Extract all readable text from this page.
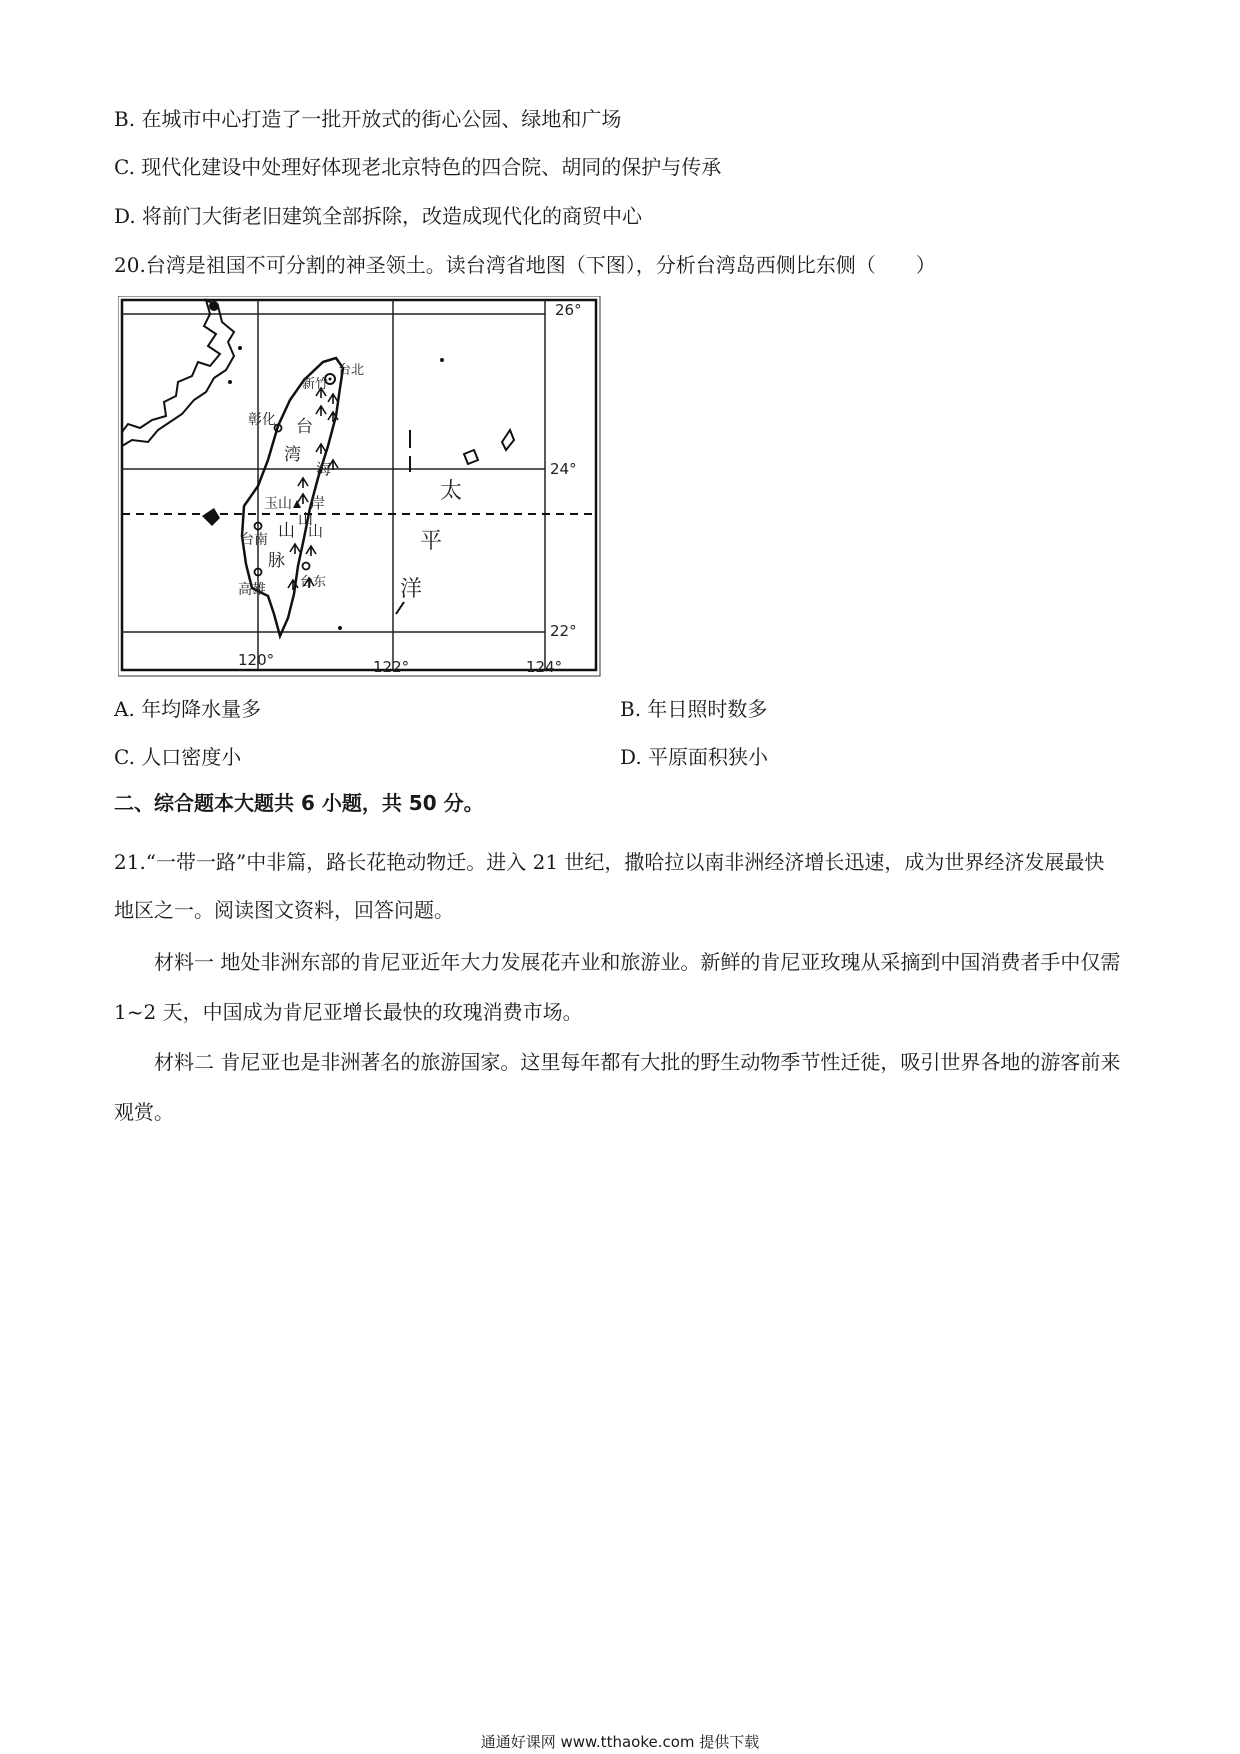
B. 在城市中心打造了一批开放式的街心公园、绿地和广场
C. 现代化建设中处理好体现老北京特色的四合院、胡同的保护与传承
D. 将前门大街老旧建筑全部拆除，改造成现代化的商贸中心
20.台湾是祖国不可分割的神圣领土。读台湾省地图（下图），分析台湾岛西侧比东侧（　　）
26°
24°
22°
120°	122°	124°
台北
新竹
彰化
台南
高雄	台东
玉山
台
湾
海
岸
山
山
脉
山
太
平
洋
A. 年均降水量多	B. 年日照时数多
C. 人口密度小	D. 平原面积狭小
二、综合题本大题共 6 小题，共 50 分。
21.“一带一路”中非篇，路长花艳动物迁。进入 21 世纪，撒哈拉以南非洲经济增长迅速，成为世界经济发展最快　地区之一。阅读图文资料，回答问题。
材料一 地处非洲东部的肯尼亚近年大力发展花卉业和旅游业。新鲜的肯尼亚玫瑰从采摘到中国消费者手中仅需 1~2 天，中国成为肯尼亚增长最快的玫瑰消费市场。
材料二 肯尼亚也是非洲著名的旅游国家。这里每年都有大批的野生动物季节性迁徙，吸引世界各地的游客前来观赏。
通通好课网 www.tthaoke.com 提供下载
